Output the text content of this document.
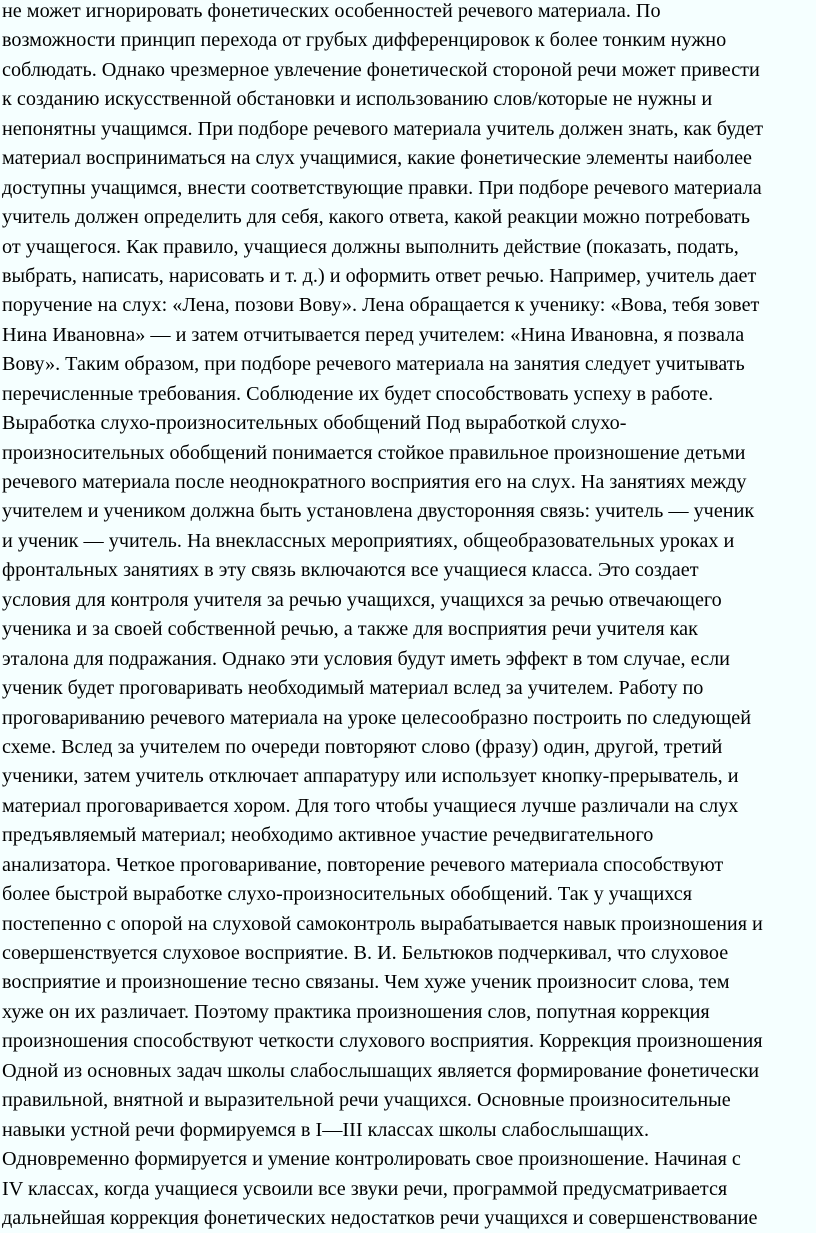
не может игнорировать фонетических особенностей речевого материала. По
возможности принцип перехода от грубых дифференцировок к более тонким нужно
соблюдать. Однако чрезмерное увлечение фонетической стороной речи может привести
к созданию искусственной обстановки и использованию слов/которые не нужны и
непонятны учащимся. При подборе речевого материала учитель должен знать, как будет
материал восприниматься на слух учащимися, какие фонетические элементы наиболее
доступны учащимся, внести соответствующие правки. При подборе речевого материала
учитель должен определить для себя, какого ответа, какой реакции можно потребовать
от учащегося. Как правило, учащиеся должны выполнить действие (показать, подать,
выбрать, написать, нарисовать и т. д.) и оформить ответ речью. Например, учитель дает
поручение на слух: «Лена, позови Вову». Лена обращается к ученику: «Вова, тебя зовет
Нина Ивановна» — и затем отчитывается перед учителем: «Нина Ивановна, я позвала
Вову». Таким образом, при подборе речевого материала на занятия следует учитывать
перечисленные требования. Соблюдение их будет способствовать успеху в работе.
Выработка слухо-произносительных обобщений Под выработкой слухо-
произносительных обобщений понимается стойкое правильное произношение детьми
речевого материала после неоднократного восприятия его на слух. На занятиях между
учителем и учеником должна быть установлена двусторонняя связь: учитель — ученик
и ученик — учитель. На внеклассных мероприятиях, общеобразовательных уроках и
фронтальных занятиях в эту связь включаются все учащиеся класса. Это создает
условия для контроля учителя за речью учащихся, учащихся за речью отвечающего
ученика и за своей собственной речью, а также для восприятия речи учителя как
эталона для подражания. Однако эти условия будут иметь эффект в том случае, если
ученик будет проговаривать необходимый материал вслед за учителем. Работу по
проговариванию речевого материала на уроке целесообразно построить по следующей
схеме. Вслед за учителем по очереди повторяют слово (фразу) один, другой, третий
ученики, затем учитель отключает аппаратуру или использует кнопку-прерыватель, и
материал проговаривается хором. Для того чтобы учащиеся лучше различали на слух
предъявляемый материал; необходимо активное участие речедвигательного
анализатора. Четкое проговаривание, повторение речевого материала способствуют
более быстрой выработке слухо-произносительных обобщений. Так у учащихся
постепенно с опорой на слуховой самоконтроль вырабатывается навык произношения и
совершенствуется слуховое восприятие. В. И. Бельтюков подчеркивал, что слуховое
восприятие и произношение тесно связаны. Чем хуже ученик произносит слова, тем
хуже он их различает. Поэтому практика произношения слов, попутная коррекция
произношения способствуют четкости слухового восприятия. Коррекция произношения
Одной из основных задач школы слабослышащих является формирование фонетически
правильной, внятной и выразительной речи учащихся. Основные произносительные
навыки устной речи формируемся в I—III классах школы слабослышащих.
Одновременно формируется и умение контролировать свое произношение. Начиная с
IV классах, когда учащиеся усвоили все звуки речи, программой предусматривается
дальнейшая коррекция фонетических недостатков речи учащихся и совершенствование
